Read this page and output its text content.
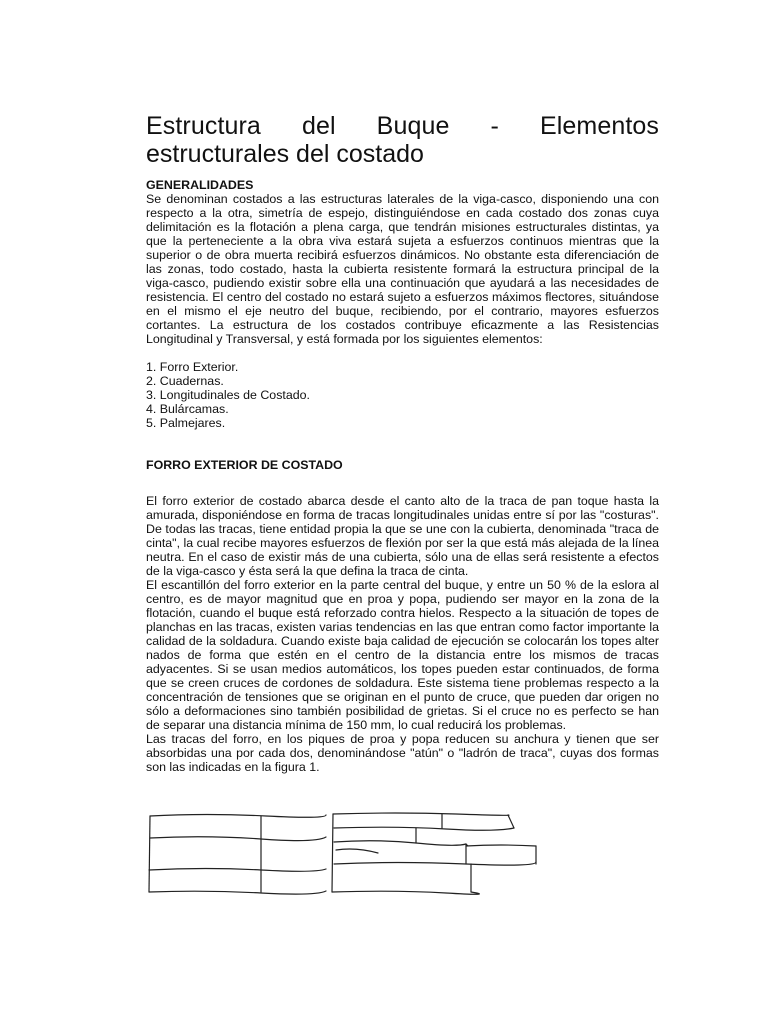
Estructura del Buque - Elementos
estructurales del costado
GENERALIDADES

Se denominan costados a las estructuras laterales de la viga-casco, disponiendo una con respecto a la otra, simetría de espejo, distinguiéndose en cada costado dos zonas cuya delimitación es la flotación a plena carga, que tendrán misiones estructurales distintas, ya que la perteneciente a la obra viva estará sujeta a esfuerzos continuos mientras que la superior o de obra muerta recibirá esfuerzos dinámicos. No obstante esta diferenciación de las zonas, todo costado, hasta la cubierta resistente formará la estructura principal de la viga-casco, pudiendo existir sobre ella una continuación que ayudará a las necesidades de resistencia. El centro del costado no estará sujeto a esfuerzos máximos flectores, situándose en el mismo el eje neutro del buque, recibiendo, por el contrario, mayores esfuerzos cortantes. La estructura de los costados contribuye eficazmente a las Resistencias Longitudinal y Transversal, y está formada por los siguientes elementos:

1. Forro Exterior.
2. Cuadernas.
3. Longitudinales de Costado.
4. Bulárcamas.
5. Palmejares.
FORRO EXTERIOR DE COSTADO

El forro exterior de costado abarca desde el canto alto de la traca de pan toque hasta la amurada, disponiéndose en forma de tracas longitudinales unidas entre sí por las "costuras". De todas las tracas, tiene entidad propia la que se une con la cubierta, denominada "traca de cinta", la cual recibe mayores esfuerzos de flexión por ser la que está más alejada de la línea neutra. En el caso de existir más de una cubierta, sólo una de ellas será resistente a efectos de la viga-casco y ésta será la que defina la traca de cinta.

El escantillón del forro exterior en la parte central del buque, y entre un 50 % de la eslora al centro, es de mayor magnitud que en proa y popa, pudiendo ser mayor en la zona de la flotación, cuando el buque está reforzado contra hielos. Respecto a la situación de topes de planchas en las tracas, existen varias tendencias en las que entran como factor importante la calidad de la soldadura. Cuando existe baja calidad de ejecución se colocarán los topes alter nados de forma que estén en el centro de la distancia entre los mismos de tracas adyacentes. Si se usan medios automáticos, los topes pueden estar continuados, de forma que se creen cruces de cordones de soldadura. Este sistema tiene problemas respecto a la concentración de tensiones que se originan en el punto de cruce, que pueden dar origen no sólo a deformaciones sino también posibilidad de grietas. Si el cruce no es perfecto se han de separar una distancia mínima de 150 mm, lo cual reducirá los problemas.

Las tracas del forro, en los piques de proa y popa reducen su anchura y tienen que ser absorbidas una por cada dos, denominándose "atún" o "ladrón de traca", cuyas dos formas son las indicadas en la figura 1.
